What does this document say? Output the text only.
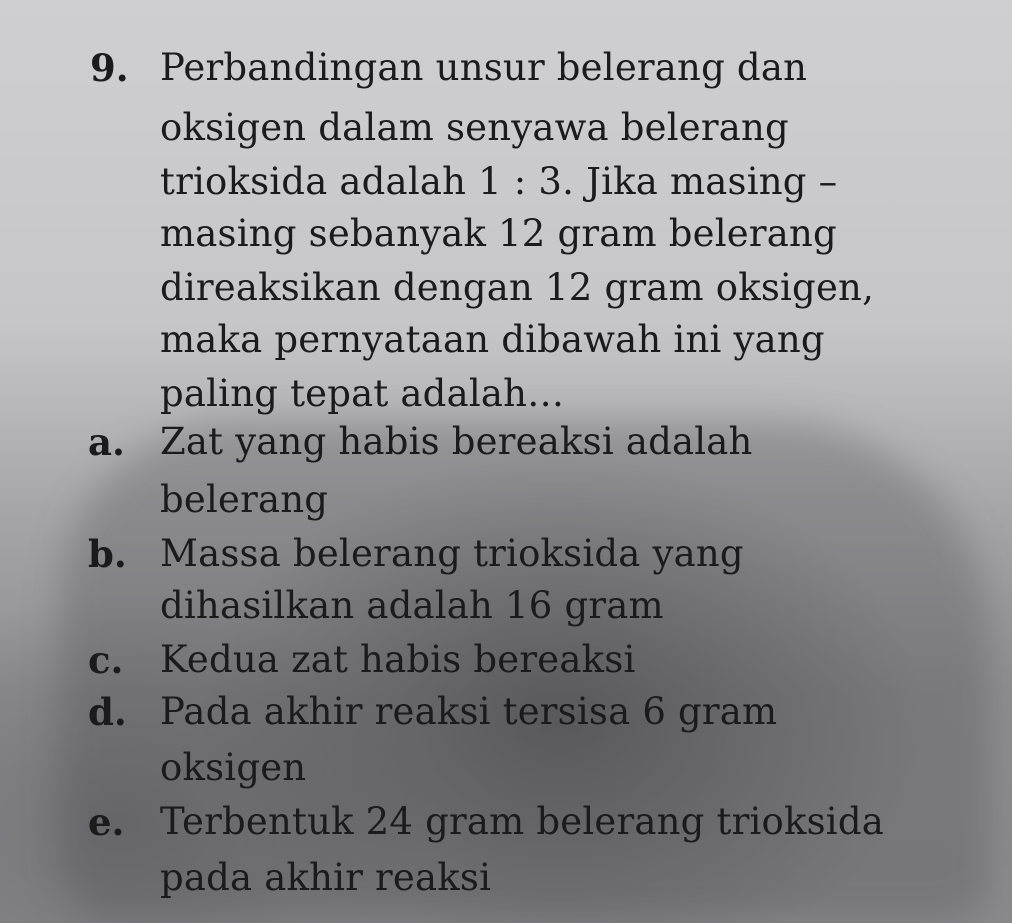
9. Perbandingan unsur belerang dan
oksigen dalam senyawa belerang
trioksida adalah 1 : 3. Jika masing –
masing sebanyak 12 gram belerang
direaksikan dengan 12 gram oksigen,
maka pernyataan dibawah ini yang
paling tepat adalah…
a. Zat yang habis bereaksi adalah
belerang
b. Massa belerang trioksida yang
dihasilkan adalah 16 gram
c. Kedua zat habis bereaksi
d. Pada akhir reaksi tersisa 6 gram
oksigen
e. Terbentuk 24 gram belerang trioksida
pada akhir reaksi
